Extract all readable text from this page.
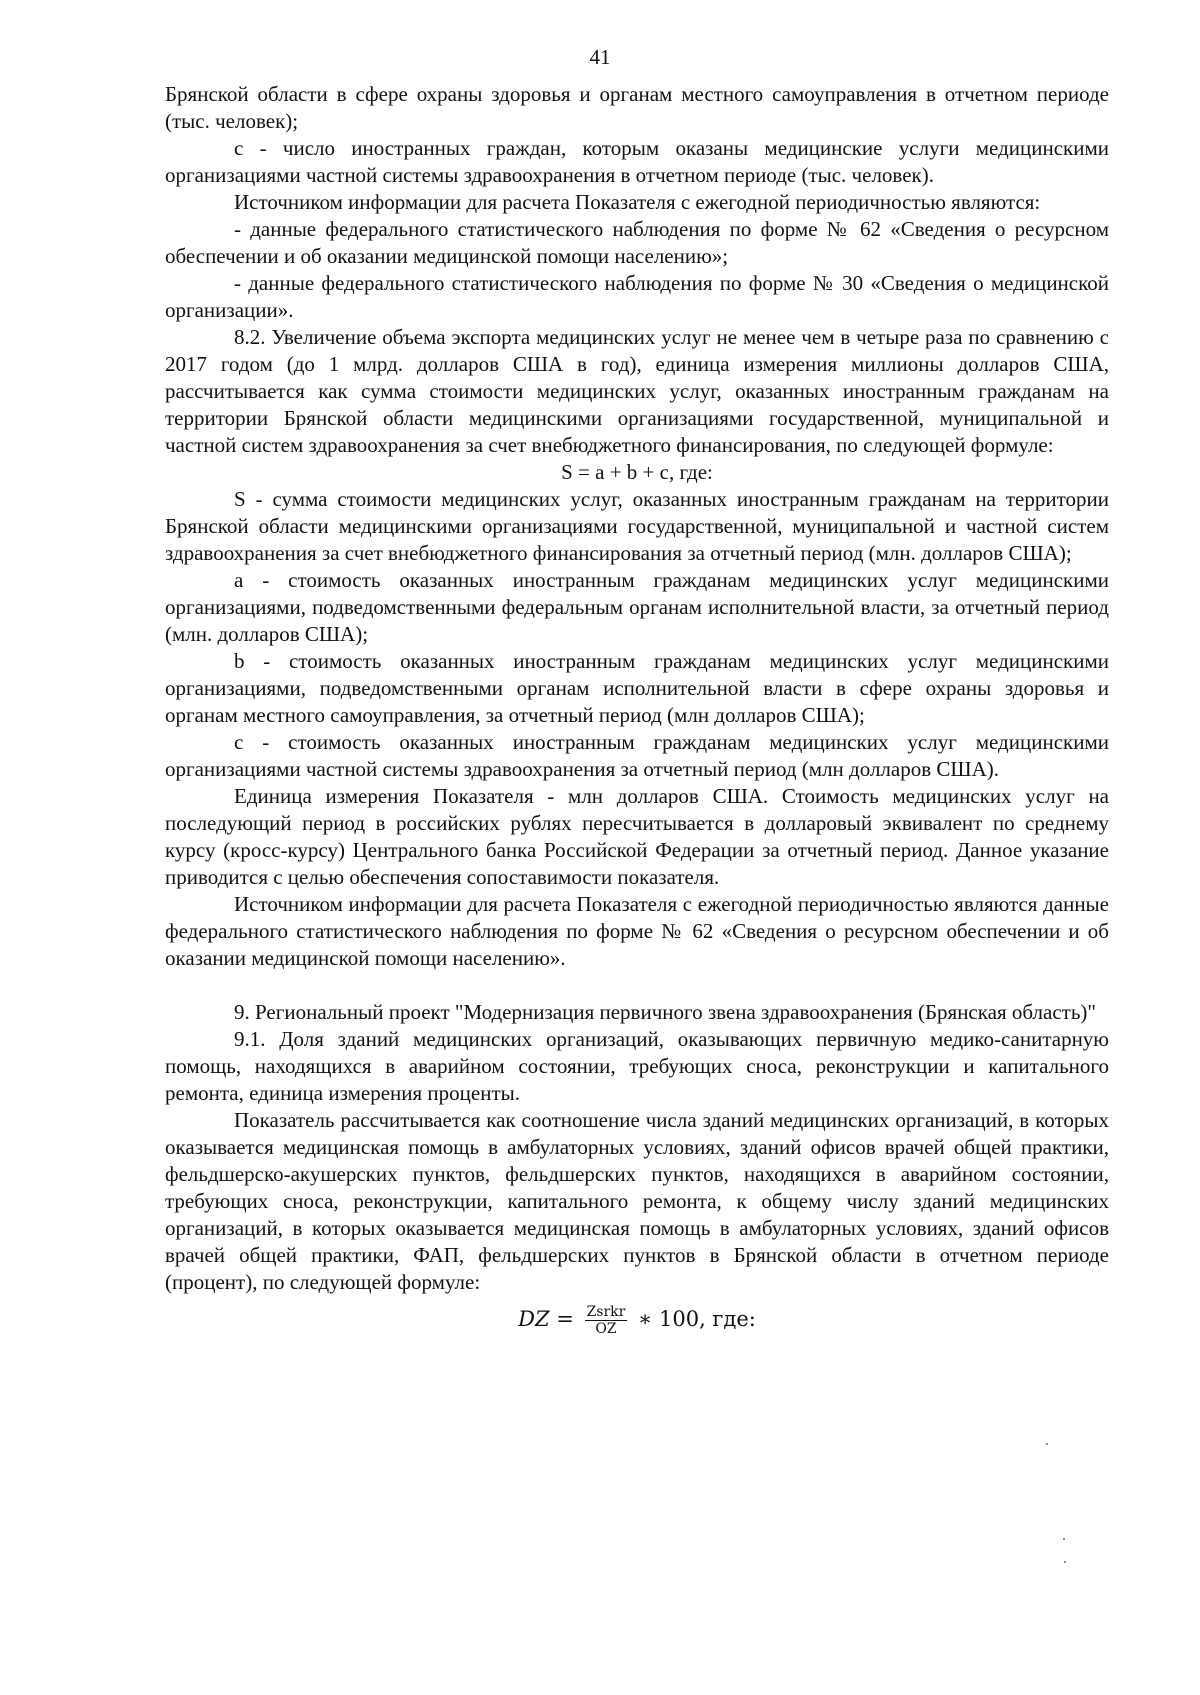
41

Брянской области в сфере охраны здоровья и органам местного самоуправления в отчетном периоде (тыс. человек);

с - число иностранных граждан, которым оказаны медицинские услуги медицинскими организациями частной системы здравоохранения в отчетном периоде (тыс. человек).

Источником информации для расчета Показателя с ежегодной периодичностью являются:

- данные федерального статистического наблюдения по форме № 62 «Сведения о ресурсном обеспечении и об оказании медицинской помощи населению»;

- данные федерального статистического наблюдения по форме № 30 «Сведения о медицинской организации».

8.2. Увеличение объема экспорта медицинских услуг не менее чем в четыре раза по сравнению с 2017 годом (до 1 млрд. долларов США в год), единица измерения миллионы долларов США, рассчитывается как сумма стоимости медицинских услуг, оказанных иностранным гражданам на территории Брянской области медицинскими организациями государственной, муниципальной и частной систем здравоохранения за счет внебюджетного финансирования, по следующей формуле:

S = a + b + c, где:

S - сумма стоимости медицинских услуг, оказанных иностранным гражданам на территории Брянской области медицинскими организациями государственной, муниципальной и частной систем здравоохранения за счет внебюджетного финансирования за отчетный период (млн. долларов США);

a - стоимость оказанных иностранным гражданам медицинских услуг медицинскими организациями, подведомственными федеральным органам исполнительной власти, за отчетный период (млн. долларов США);

b - стоимость оказанных иностранным гражданам медицинских услуг медицинскими организациями, подведомственными органам исполнительной власти в сфере охраны здоровья и органам местного самоуправления, за отчетный период (млн долларов США);

c - стоимость оказанных иностранным гражданам медицинских услуг медицинскими организациями частной системы здравоохранения за отчетный период (млн долларов США).

Единица измерения Показателя - млн долларов США. Стоимость медицинских услуг на последующий период в российских рублях пересчитывается в долларовый эквивалент по среднему курсу (кросс-курсу) Центрального банка Российской Федерации за отчетный период. Данное указание приводится с целью обеспечения сопоставимости показателя.

Источником информации для расчета Показателя с ежегодной периодичностью являются данные федерального статистического наблюдения по форме № 62 «Сведения о ресурсном обеспечении и об оказании медицинской помощи населению».

9. Региональный проект "Модернизация первичного звена здравоохранения (Брянская область)"

9.1. Доля зданий медицинских организаций, оказывающих первичную медико-санитарную помощь, находящихся в аварийном состоянии, требующих сноса, реконструкции и капитального ремонта, единица измерения проценты.

Показатель рассчитывается как соотношение числа зданий медицинских организаций, в которых оказывается медицинская помощь в амбулаторных условиях, зданий офисов врачей общей практики, фельдшерско-акушерских пунктов, фельдшерских пунктов, находящихся в аварийном состоянии, требующих сноса, реконструкции, капитального ремонта, к общему числу зданий медицинских организаций, в которых оказывается медицинская помощь в амбулаторных условиях, зданий офисов врачей общей практики, ФАП, фельдшерских пунктов в Брянской области в отчетном периоде (процент), по следующей формуле:

DZ = $\frac{\text{Zsrkr}}{OZ}$ ∗ 100, где:
